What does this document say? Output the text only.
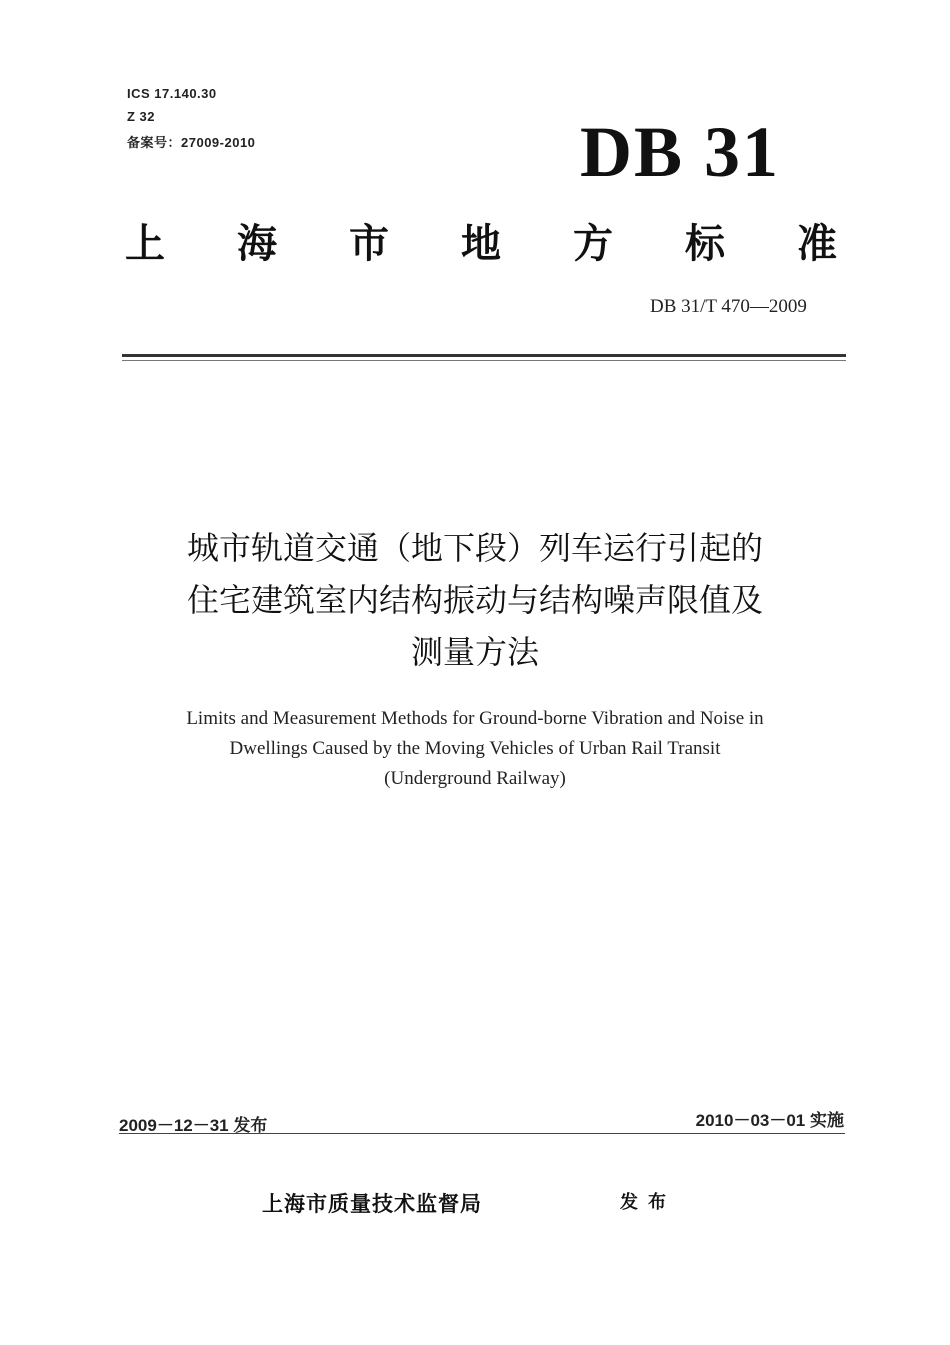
ICS 17.140.30
Z 32
备案号：27009-2010	DB 31
上 海 市 地 方 标 准
DB 31/T 470—2009
城市轨道交通（地下段）列车运行引起的
住宅建筑室内结构振动与结构噪声限值及
测量方法
Limits and Measurement Methods for Ground-borne Vibration and Noise in
Dwellings Caused by the Moving Vehicles of Urban Rail Transit
(Underground Railway)
2009－12－31 发布	2010－03－01 实施
上海市质量技术监督局	发布
